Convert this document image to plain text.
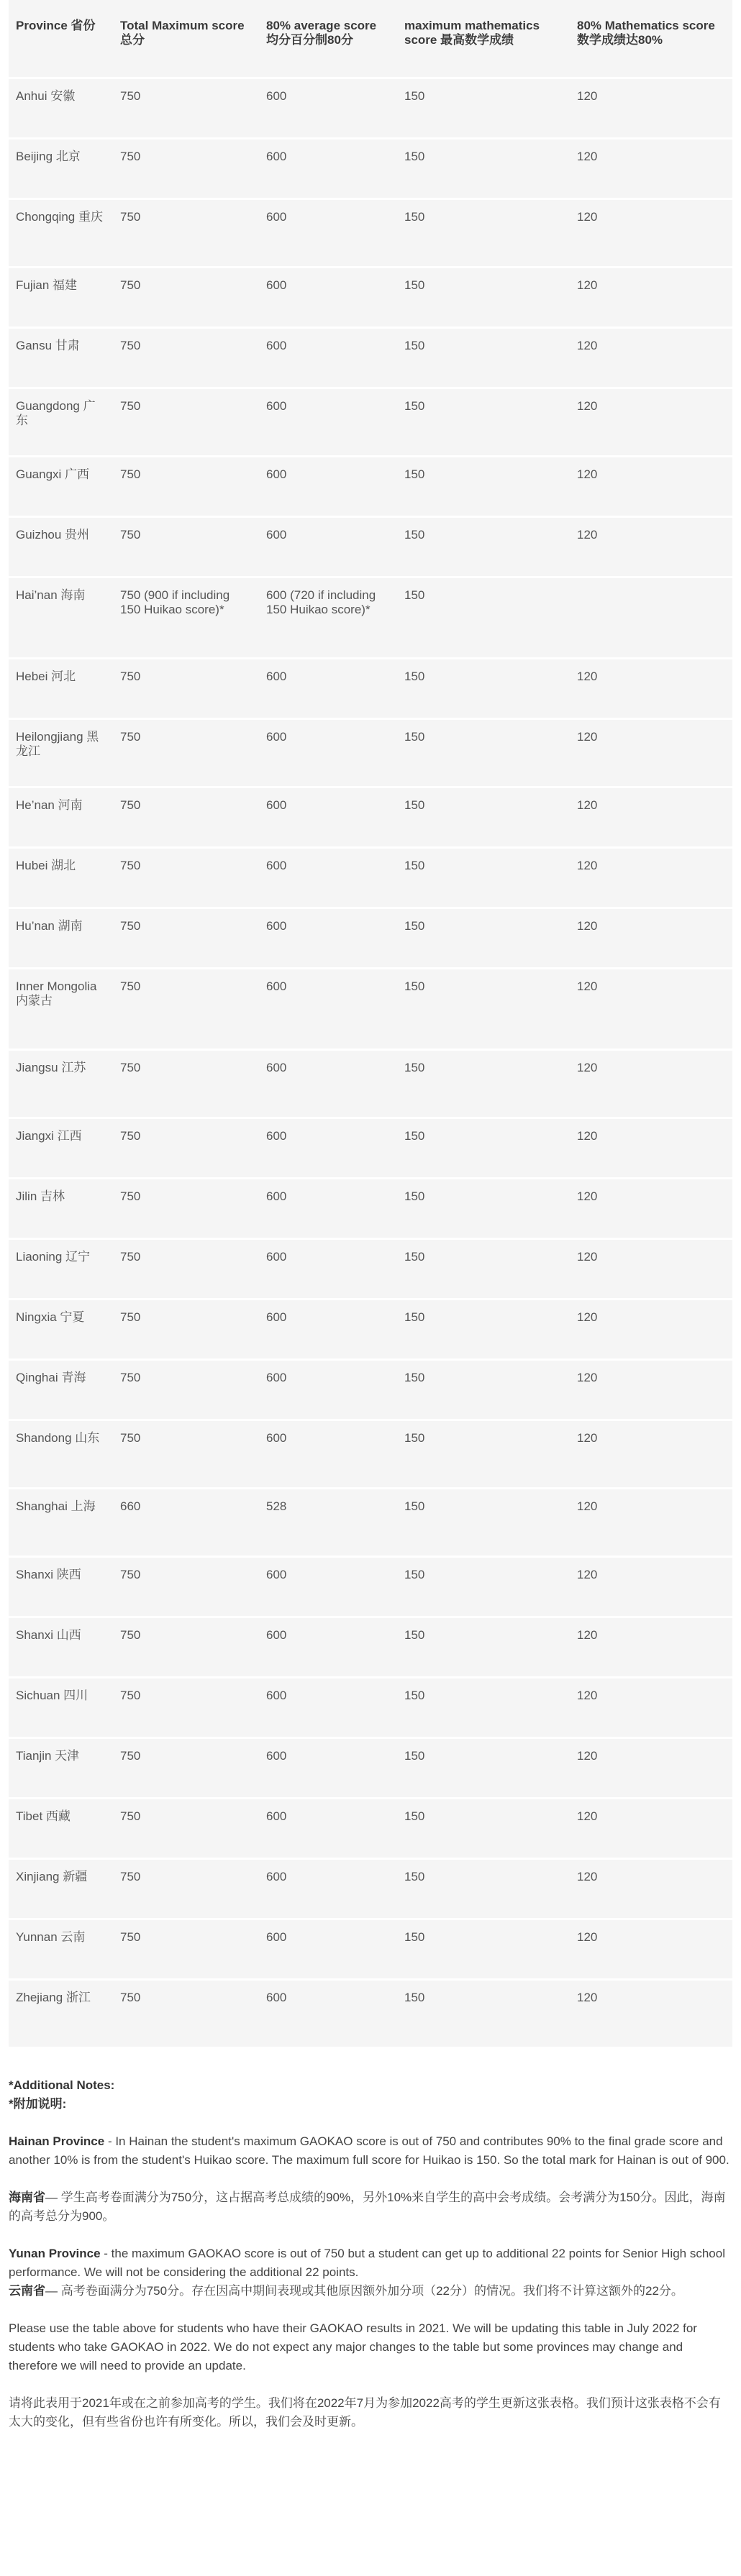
Province 省份	Total Maximum score 总分	80% average score 均分百分制80分	maximum mathematics score 最高数学成绩	80% Mathematics score 数学成绩达80%
Anhui 安徽	750	600	150	120
Beijing 北京	750	600	150	120
Chongqing 重庆	750	600	150	120
Fujian 福建	750	600	150	120
Gansu 甘肃	750	600	150	120
Guangdong 广东	750	600	150	120
Guangxi 广西	750	600	150	120
Guizhou 贵州	750	600	150	120
Hai’nan 海南	750 (900 if including 150 Huikao score)*	600 (720 if including 150 Huikao score)*	150	
Hebei 河北	750	600	150	120
Heilongjiang 黑龙江	750	600	150	120
He’nan 河南	750	600	150	120
Hubei 湖北	750	600	150	120
Hu’nan 湖南	750	600	150	120
Inner Mongolia 内蒙古	750	600	150	120
Jiangsu 江苏	750	600	150	120
Jiangxi 江西	750	600	150	120
Jilin 吉林	750	600	150	120
Liaoning 辽宁	750	600	150	120
Ningxia 宁夏	750	600	150	120
Qinghai 青海	750	600	150	120
Shandong 山东	750	600	150	120
Shanghai 上海	660	528	150	120
Shanxi 陕西	750	600	150	120
Shanxi 山西	750	600	150	120
Sichuan 四川	750	600	150	120
Tianjin 天津	750	600	150	120
Tibet 西藏	750	600	150	120
Xinjiang 新疆	750	600	150	120
Yunnan 云南	750	600	150	120
Zhejiang 浙江	750	600	150	120

*Additional Notes:

*附加说明:

Hainan Province - In Hainan the student's maximum GAOKAO score is out of 750 and contributes 90% to the final grade score and another 10% is from the student's Huikao score. The maximum full score for Huikao is 150. So the total mark for Hainan is out of 900.

海南省— 学生高考卷面满分为750分，这占据高考总成绩的90%，另外10%来自学生的高中会考成绩。会考满分为150分。因此，海南的高考总分为900。

Yunan Province - the maximum GAOKAO score is out of 750 but a student can get up to additional 22 points for Senior High school performance. We will not be considering the additional 22 points.

云南省— 高考卷面满分为750分。存在因高中期间表现或其他原因额外加分项（22分）的情况。我们将不计算这额外的22分。

Please use the table above for students who have their GAOKAO results in 2021. We will be updating this table in July 2022 for students who take GAOKAO in 2022. We do not expect any major changes to the table but some provinces may change and therefore we will need to provide an update.

请将此表用于2021年或在之前参加高考的学生。我们将在2022年7月为参加2022高考的学生更新这张表格。我们预计这张表格不会有太大的变化，但有些省份也许有所变化。所以，我们会及时更新。
